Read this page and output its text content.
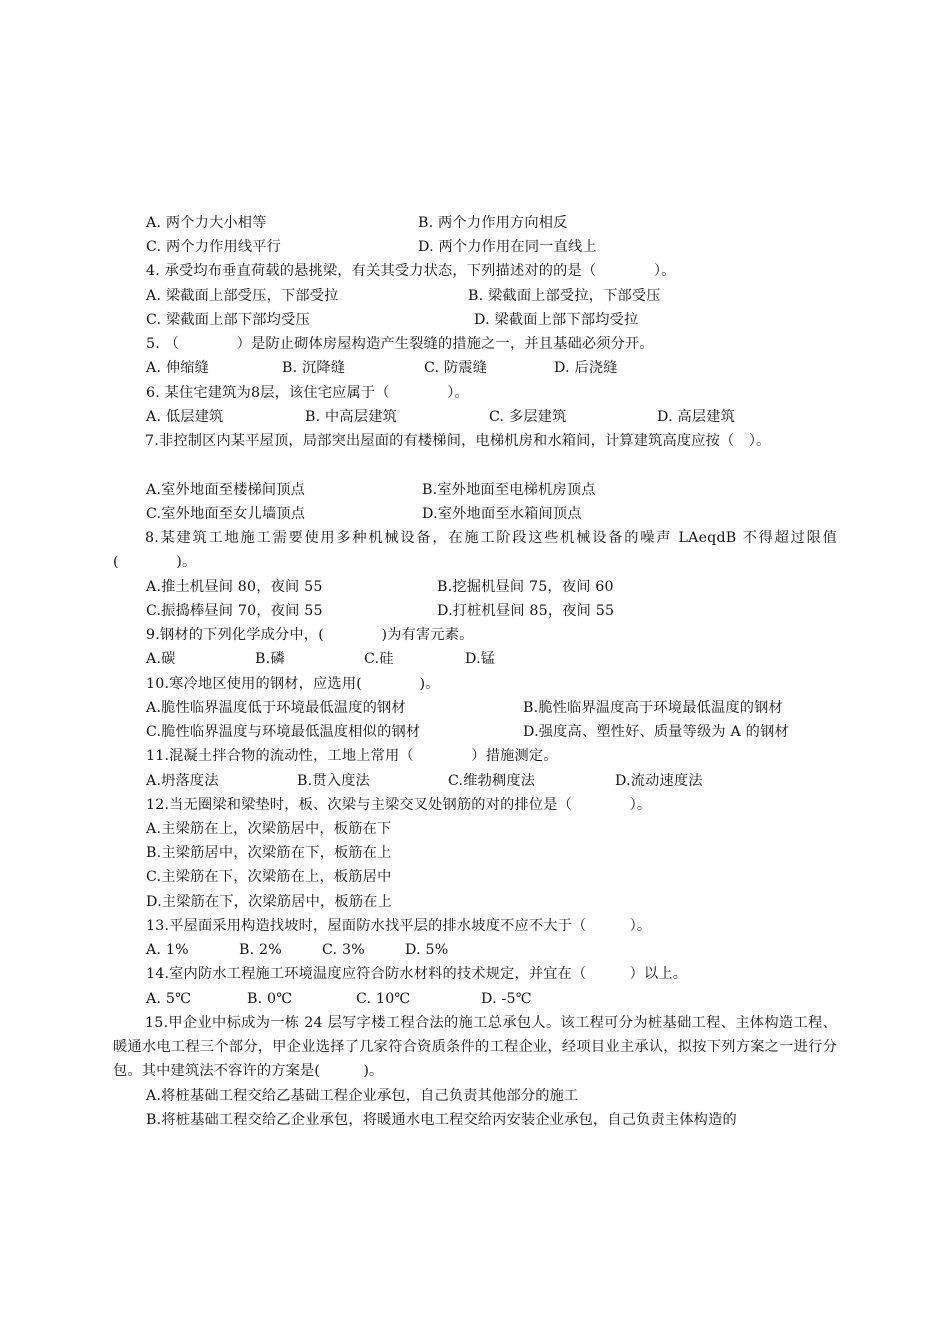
A. 两个力大小相等	B. 两个力作用方向相反
C. 两个力作用线平行	D. 两个力作用在同一直线上
4. 承受均布垂直荷载的悬挑梁，有关其受力状态，下列描述对的的是（　　　　）。
A. 梁截面上部受压，下部受拉	B. 梁截面上部受拉，下部受压
C. 梁截面上部下部均受压	D. 梁截面上部下部均受拉
5. （　　　　）是防止砌体房屋构造产生裂缝的措施之一，并且基础必须分开。
A. 伸缩缝	B. 沉降缝	C. 防震缝	D. 后浇缝
6. 某住宅建筑为8层，该住宅应属于（　　　　）。
A. 低层建筑	B. 中高层建筑	C. 多层建筑	D. 高层建筑
7.非控制区内某平屋顶，局部突出屋面的有楼梯间，电梯机房和水箱间，计算建筑高度应按（　）。
A.室外地面至楼梯间顶点	B.室外地面至电梯机房顶点
C.室外地面至女儿墙顶点	D.室外地面至水箱间顶点
8.某建筑工地施工需要使用多种机械设备，在施工阶段这些机械设备的噪声 LAeqdB 不得超过限值(　　　　)。
A.推土机昼间 80，夜间 55	B.挖掘机昼间 75，夜间 60
C.振捣棒昼间 70，夜间 55	D.打桩机昼间 85，夜间 55
9.钢材的下列化学成分中，(　　　　)为有害元素。
A.碳	B.磷	C.硅	D.锰
10.寒冷地区使用的钢材，应选用(　　　　)。
A.脆性临界温度低于环境最低温度的钢材	B.脆性临界温度高于环境最低温度的钢材
C.脆性临界温度与环境最低温度相似的钢材	D.强度高、塑性好、质量等级为 A 的钢材
11.混凝土拌合物的流动性，工地上常用（　　　　）措施测定。
A.坍落度法	B.贯入度法	C.维勃稠度法	D.流动速度法
12.当无圈梁和梁垫时，板、次梁与主梁交叉处钢筋的对的排位是（　　　　）。
A.主梁筋在上，次梁筋居中，板筋在下
B.主梁筋居中，次梁筋在下，板筋在上
C.主梁筋在下，次梁筋在上，板筋居中
D.主梁筋在下，次梁筋居中，板筋在上
13.平屋面采用构造找坡时，屋面防水找平层的排水坡度不应不大于（　　　）。
A. 1%	B. 2%	C. 3%	D. 5%
14.室内防水工程施工环境温度应符合防水材料的技术规定，并宜在（　　　）以上。
A. 5℃	B. 0℃	C. 10℃	D. -5℃
15.甲企业中标成为一栋 24 层写字楼工程合法的施工总承包人。该工程可分为桩基础工程、主体构造工程、暖通水电工程三个部分，甲企业选择了几家符合资质条件的工程企业，经项目业主承认，拟按下列方案之一进行分包。其中建筑法不容许的方案是(　　　)。
A.将桩基础工程交给乙基础工程企业承包，自己负责其他部分的施工
B.将桩基础工程交给乙企业承包，将暖通水电工程交给丙安装企业承包，自己负责主体构造的
